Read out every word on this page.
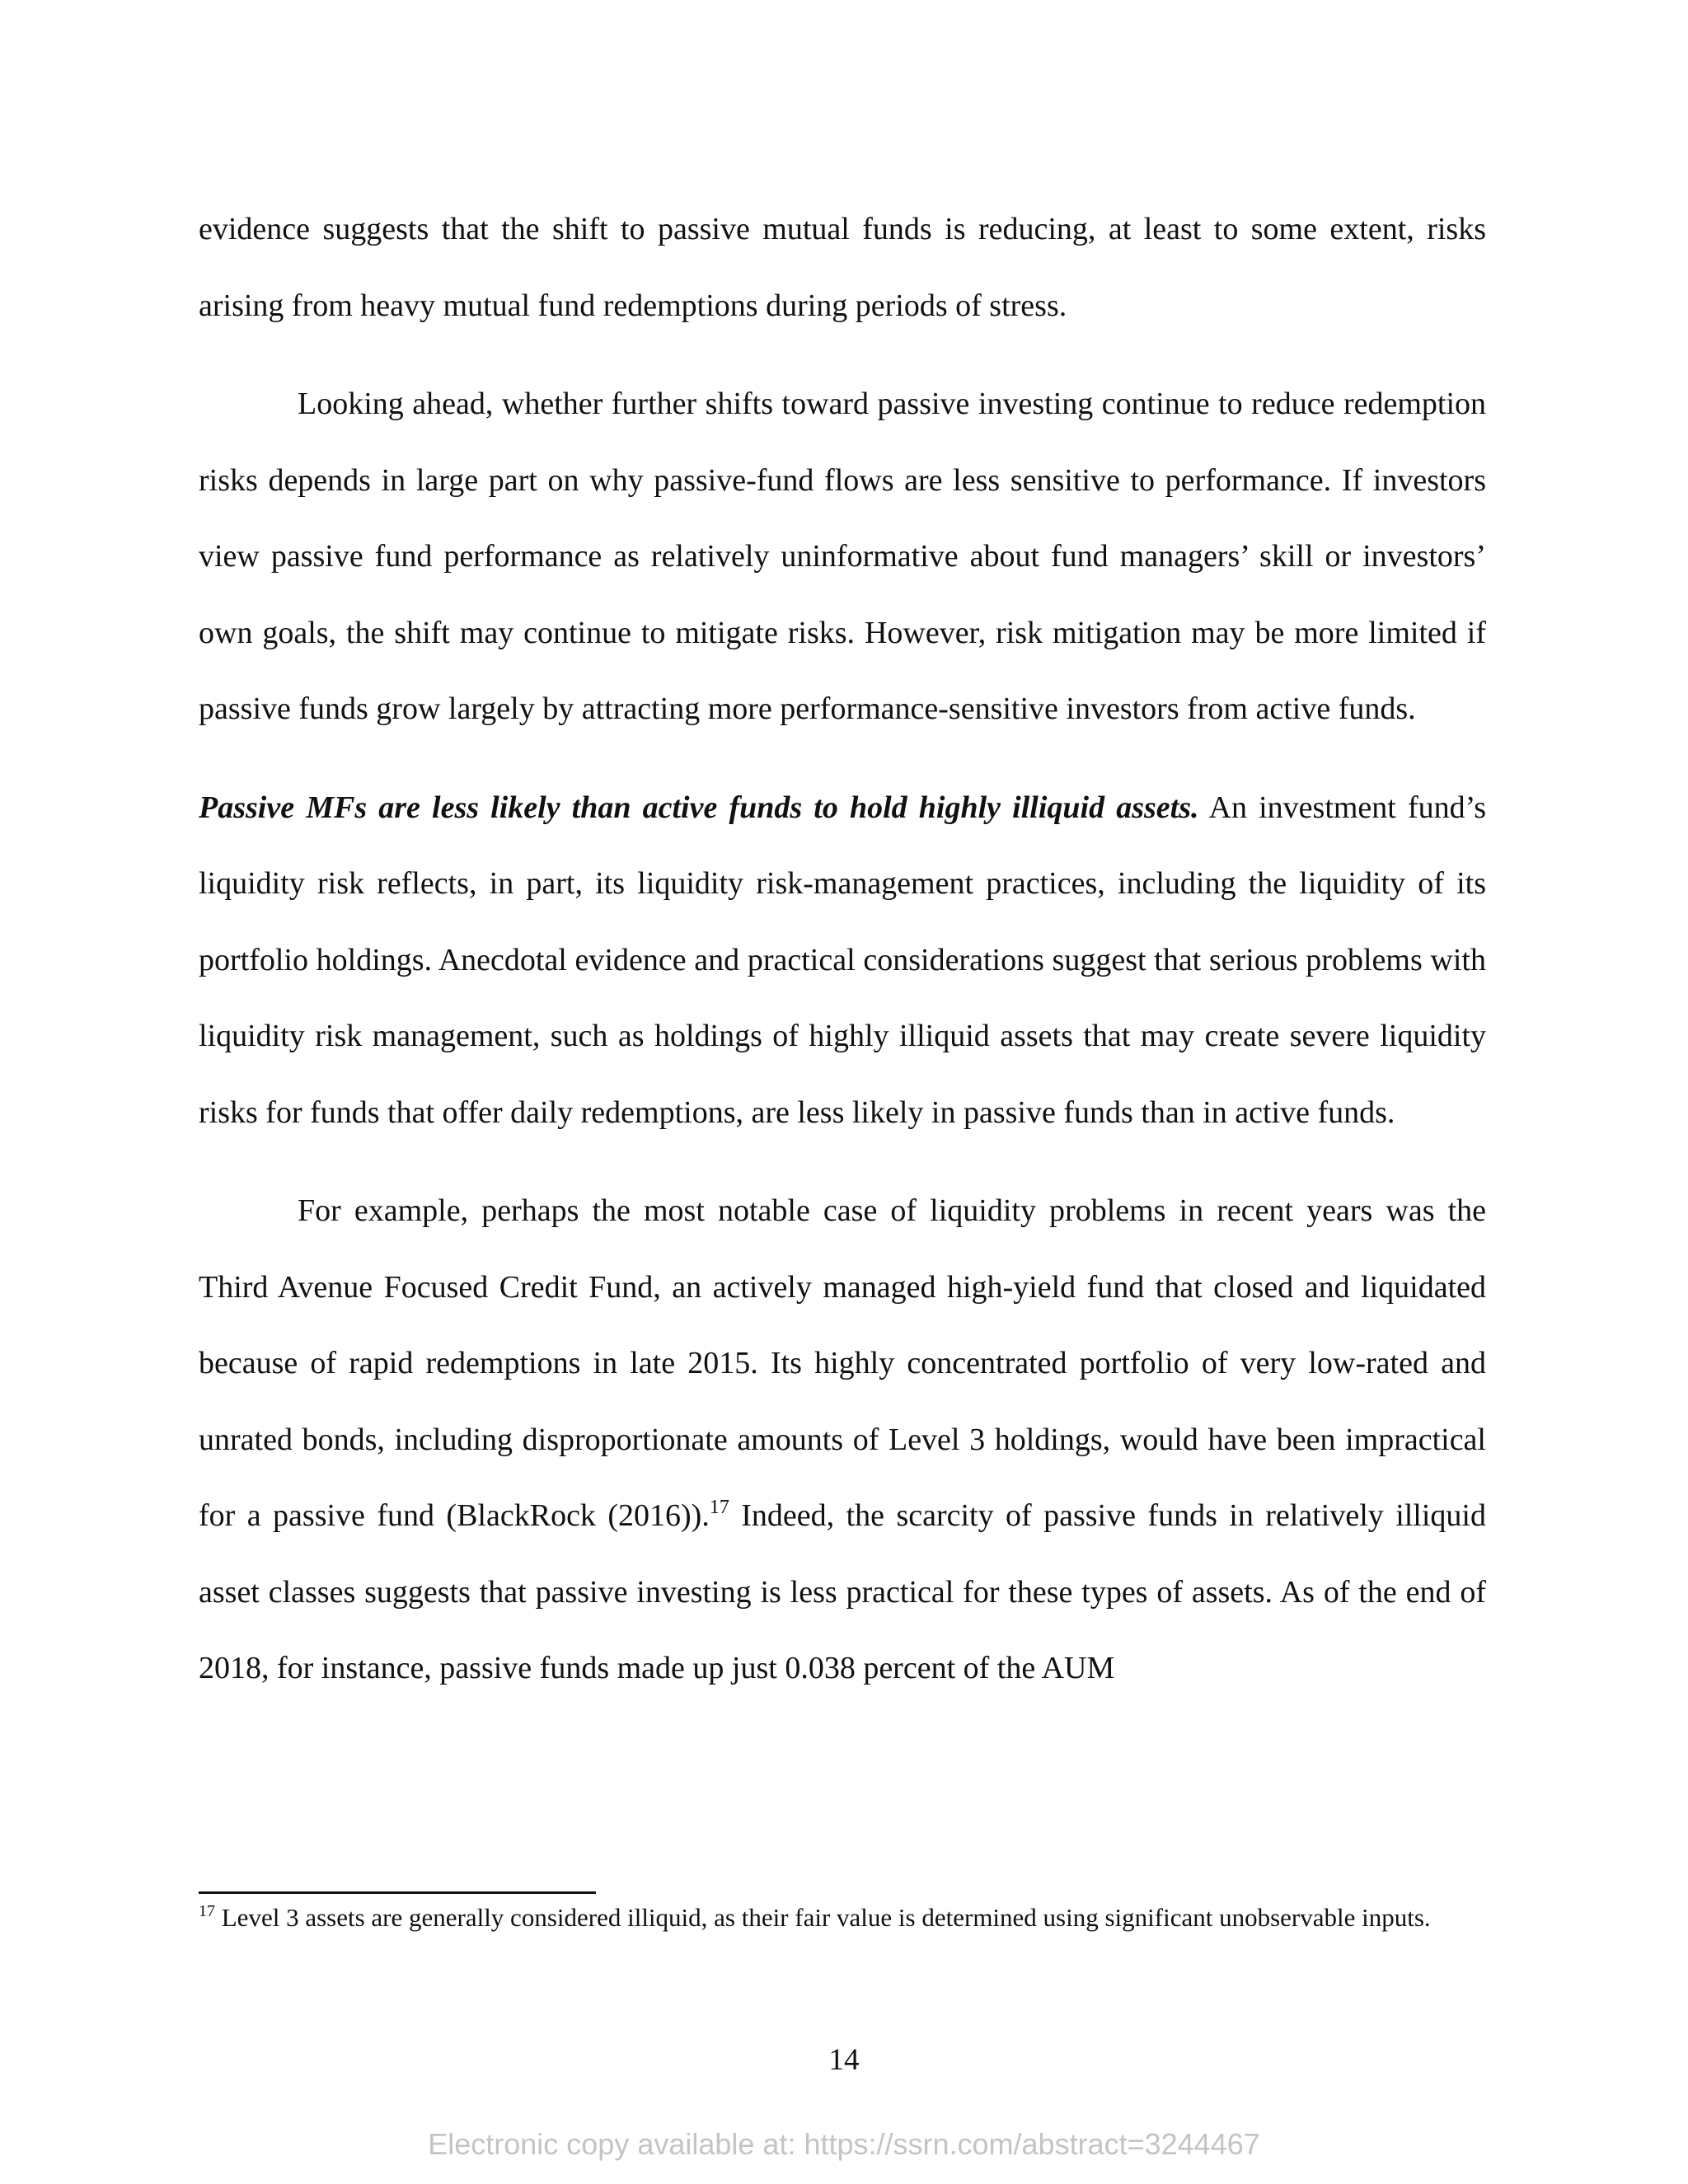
evidence suggests that the shift to passive mutual funds is reducing, at least to some extent, risks arising from heavy mutual fund redemptions during periods of stress.

Looking ahead, whether further shifts toward passive investing continue to reduce redemption risks depends in large part on why passive-fund flows are less sensitive to performance. If investors view passive fund performance as relatively uninformative about fund managers’ skill or investors’ own goals, the shift may continue to mitigate risks. However, risk mitigation may be more limited if passive funds grow largely by attracting more performance-sensitive investors from active funds.

Passive MFs are less likely than active funds to hold highly illiquid assets. An investment fund’s liquidity risk reflects, in part, its liquidity risk-management practices, including the liquidity of its portfolio holdings. Anecdotal evidence and practical considerations suggest that serious problems with liquidity risk management, such as holdings of highly illiquid assets that may create severe liquidity risks for funds that offer daily redemptions, are less likely in passive funds than in active funds.

For example, perhaps the most notable case of liquidity problems in recent years was the Third Avenue Focused Credit Fund, an actively managed high-yield fund that closed and liquidated because of rapid redemptions in late 2015. Its highly concentrated portfolio of very low-rated and unrated bonds, including disproportionate amounts of Level 3 holdings, would have been impractical for a passive fund (BlackRock (2016)).$^{17}$ Indeed, the scarcity of passive funds in relatively illiquid asset classes suggests that passive investing is less practical for these types of assets. As of the end of 2018, for instance, passive funds made up just 0.038 percent of the AUM

$^{17}$ Level 3 assets are generally considered illiquid, as their fair value is determined using significant unobservable inputs.

14
Electronic copy available at: https://ssrn.com/abstract=3244467
